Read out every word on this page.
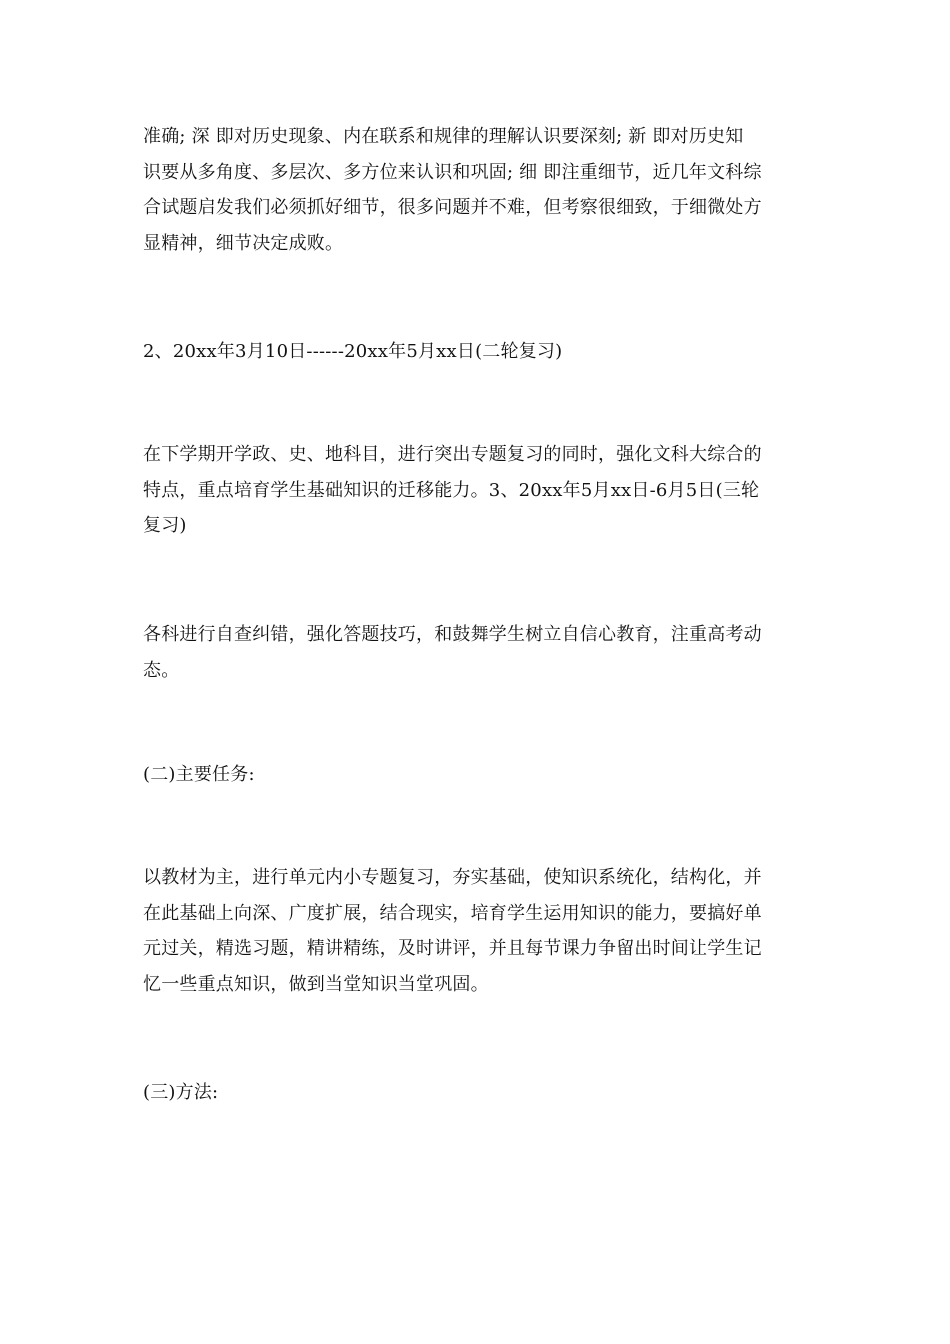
准确; 深 即对历史现象、内在联系和规律的理解认识要深刻; 新 即对历史知
识要从多角度、多层次、多方位来认识和巩固; 细 即注重细节，近几年文科综
合试题启发我们必须抓好细节，很多问题并不难，但考察很细致，于细微处方
显精神，细节决定成败。
2、20xx年3月10日------20xx年5月xx日(二轮复习)
在下学期开学政、史、地科目，进行突出专题复习的同时，强化文科大综合的
特点，重点培育学生基础知识的迁移能力。3、20xx年5月xx日-6月5日(三轮
复习)
各科进行自查纠错，强化答题技巧，和鼓舞学生树立自信心教育，注重高考动
态。
(二)主要任务:
以教材为主，进行单元内小专题复习，夯实基础，使知识系统化，结构化，并
在此基础上向深、广度扩展，结合现实，培育学生运用知识的能力，要搞好单
元过关，精选习题，精讲精练，及时讲评，并且每节课力争留出时间让学生记
忆一些重点知识，做到当堂知识当堂巩固。
(三)方法:
